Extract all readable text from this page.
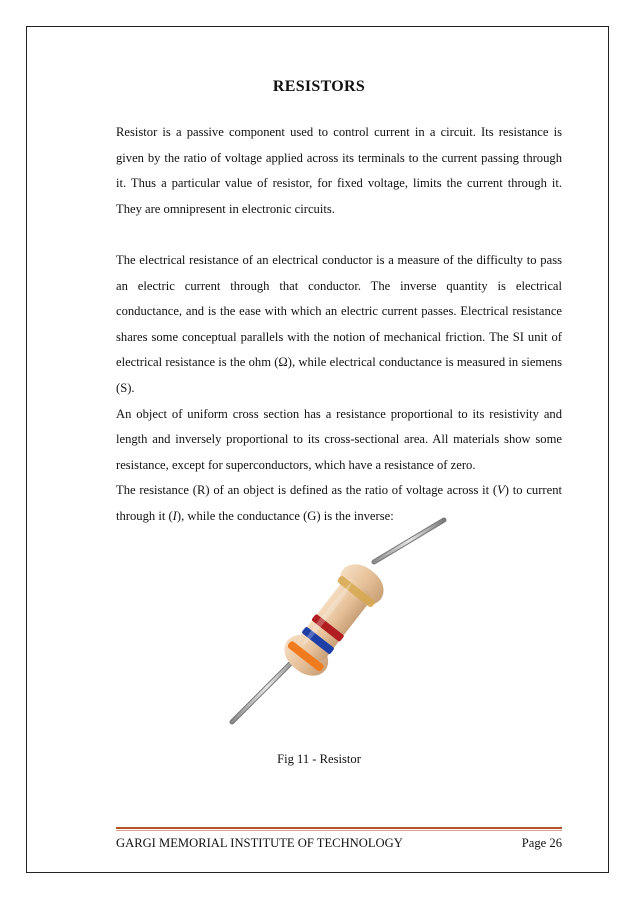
RESISTORS

Resistor is a passive component used to control current in a circuit. Its resistance is given by the ratio of voltage applied across its terminals to the current passing through it. Thus a particular value of resistor, for fixed voltage, limits the current through it. They are omnipresent in electronic circuits.

The electrical resistance of an electrical conductor is a measure of the difficulty to pass an electric current through that conductor. The inverse quantity is electrical conductance, and is the ease with which an electric current passes. Electrical resistance shares some conceptual parallels with the notion of mechanical friction. The SI unit of electrical resistance is the ohm (Ω), while electrical conductance is measured in siemens (S).

An object of uniform cross section has a resistance proportional to its resistivity and length and inversely proportional to its cross-sectional area. All materials show some resistance, except for superconductors, which have a resistance of zero.

The resistance (R) of an object is defined as the ratio of voltage across it (V) to current through it (I), while the conductance (G) is the inverse:

Fig 11 - Resistor
GARGI MEMORIAL INSTITUTE OF TECHNOLOGY	Page 26
